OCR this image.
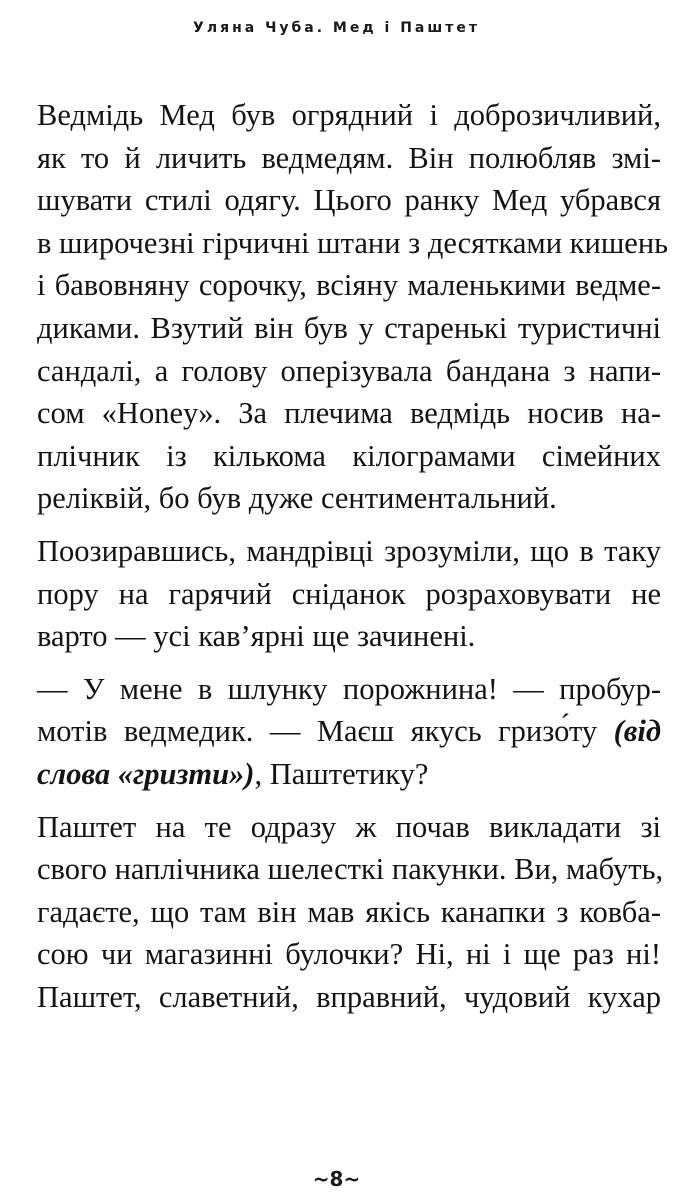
Уляна Чуба. Мед і Паштет

Ведмідь Мед був огрядний і доброзичливий,
як то й личить ведмедям. Він полюбляв змі-
шувати стилі одягу. Цього ранку Мед убрався
в широчезні гірчичні штани з десятками кишень
і бавовняну сорочку, всіяну маленькими ведме-
диками. Взутий він був у старенькі туристичні
сандалі, а голову оперізувала бандана з напи-
сом «Honey». За плечима ведмідь носив на-
плічник із кількома кілограмами сімейних
реліквій, бо був дуже сентиментальний.

Поозиравшись, мандрівці зрозуміли, що в таку
пору на гарячий сніданок розраховувати не
варто — усі кав’ярні ще зачинені.

— У мене в шлунку порожнина! — пробур-
мотів ведмедик. — Маєш якусь гризо́ту (від
слова «гризти»), Паштетику?

Паштет на те одразу ж почав викладати зі
свого наплічника шелесткі пакунки. Ви, мабуть,
гадаєте, що там він мав якісь канапки з ковба-
сою чи магазинні булочки? Ні, ні і ще раз ні!
Паштет, славетний, вправний, чудовий кухар

~8~
